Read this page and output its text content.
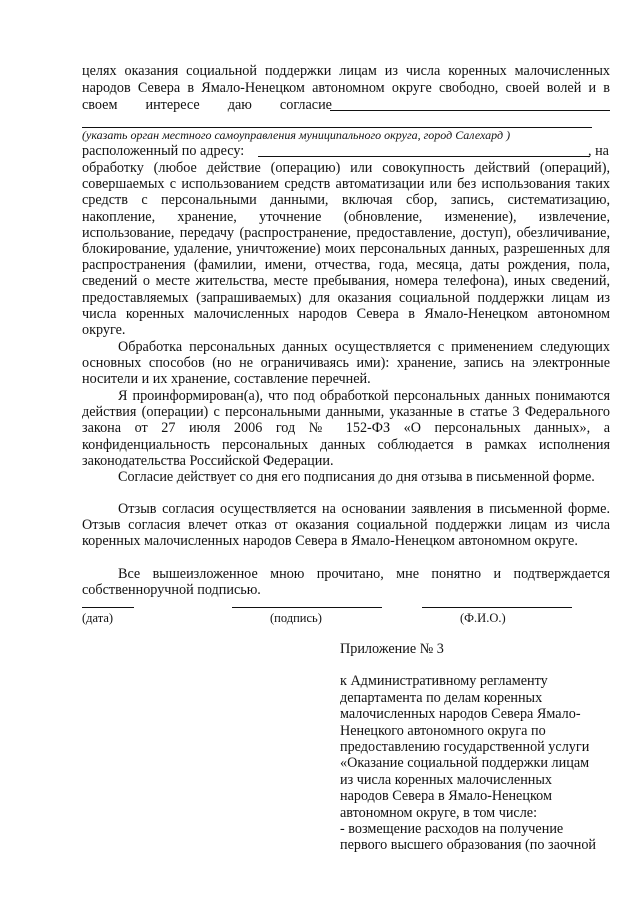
целях оказания социальной поддержки лицам из числа коренных малочисленных
народов Севера в Ямало-Ненецком автономном округе свободно, своей волей и в
своем интересе даю согласие
(указать орган местного самоуправления муниципального округа, город Салехард )
расположенный по адресу:	, на

обработку (любое действие (операцию) или совокупность действий (операций), совершаемых с использованием средств автоматизации или без использования таких средств с персональными данными, включая сбор, запись, систематизацию, накопление, хранение, уточнение (обновление, изменение), извлечение, использование, передачу (распространение, предоставление, доступ), обезличивание, блокирование, удаление, уничтожение) моих персональных данных, разрешенных для распространения (фамилии, имени, отчества, года, месяца, даты рождения, пола, сведений о месте жительства, месте пребывания, номера телефона), иных сведений, предоставляемых (запрашиваемых) для оказания социальной поддержки лицам из числа коренных малочисленных народов Севера в Ямало-Ненецком автономном округе.

Обработка персональных данных осуществляется с применением следующих основных способов (но не ограничиваясь ими): хранение, запись на электронные носители и их хранение, составление перечней.

Я проинформирован(а), что под обработкой персональных данных понимаются действия (операции) с персональными данными, указанные в статье 3 Федерального закона от 27 июля 2006 год № 152-ФЗ «О персональных данных», а конфиденциальность персональных данных соблюдается в рамках исполнения законодательства Российской Федерации.

Согласие действует со дня его подписания до дня отзыва в письменной форме.

Отзыв согласия осуществляется на основании заявления в письменной форме. Отзыв согласия влечет отказ от оказания социальной поддержки лицам из числа коренных малочисленных народов Севера в Ямало-Ненецком автономном округе.

Все вышеизложенное мною прочитано, мне понятно и подтверждается собственноручной подписью.

(дата)	(подпись)	(Ф.И.О.)
Приложение № 3
к Административному регламенту
департамента по делам коренных
малочисленных народов Севера Ямало-
Ненецкого автономного округа по
предоставлению государственной услуги
«Оказание социальной поддержки лицам
из числа коренных малочисленных
народов Севера в Ямало-Ненецком
автономном округе, в том числе:
- возмещение расходов на получение
первого высшего образования (по заочной
